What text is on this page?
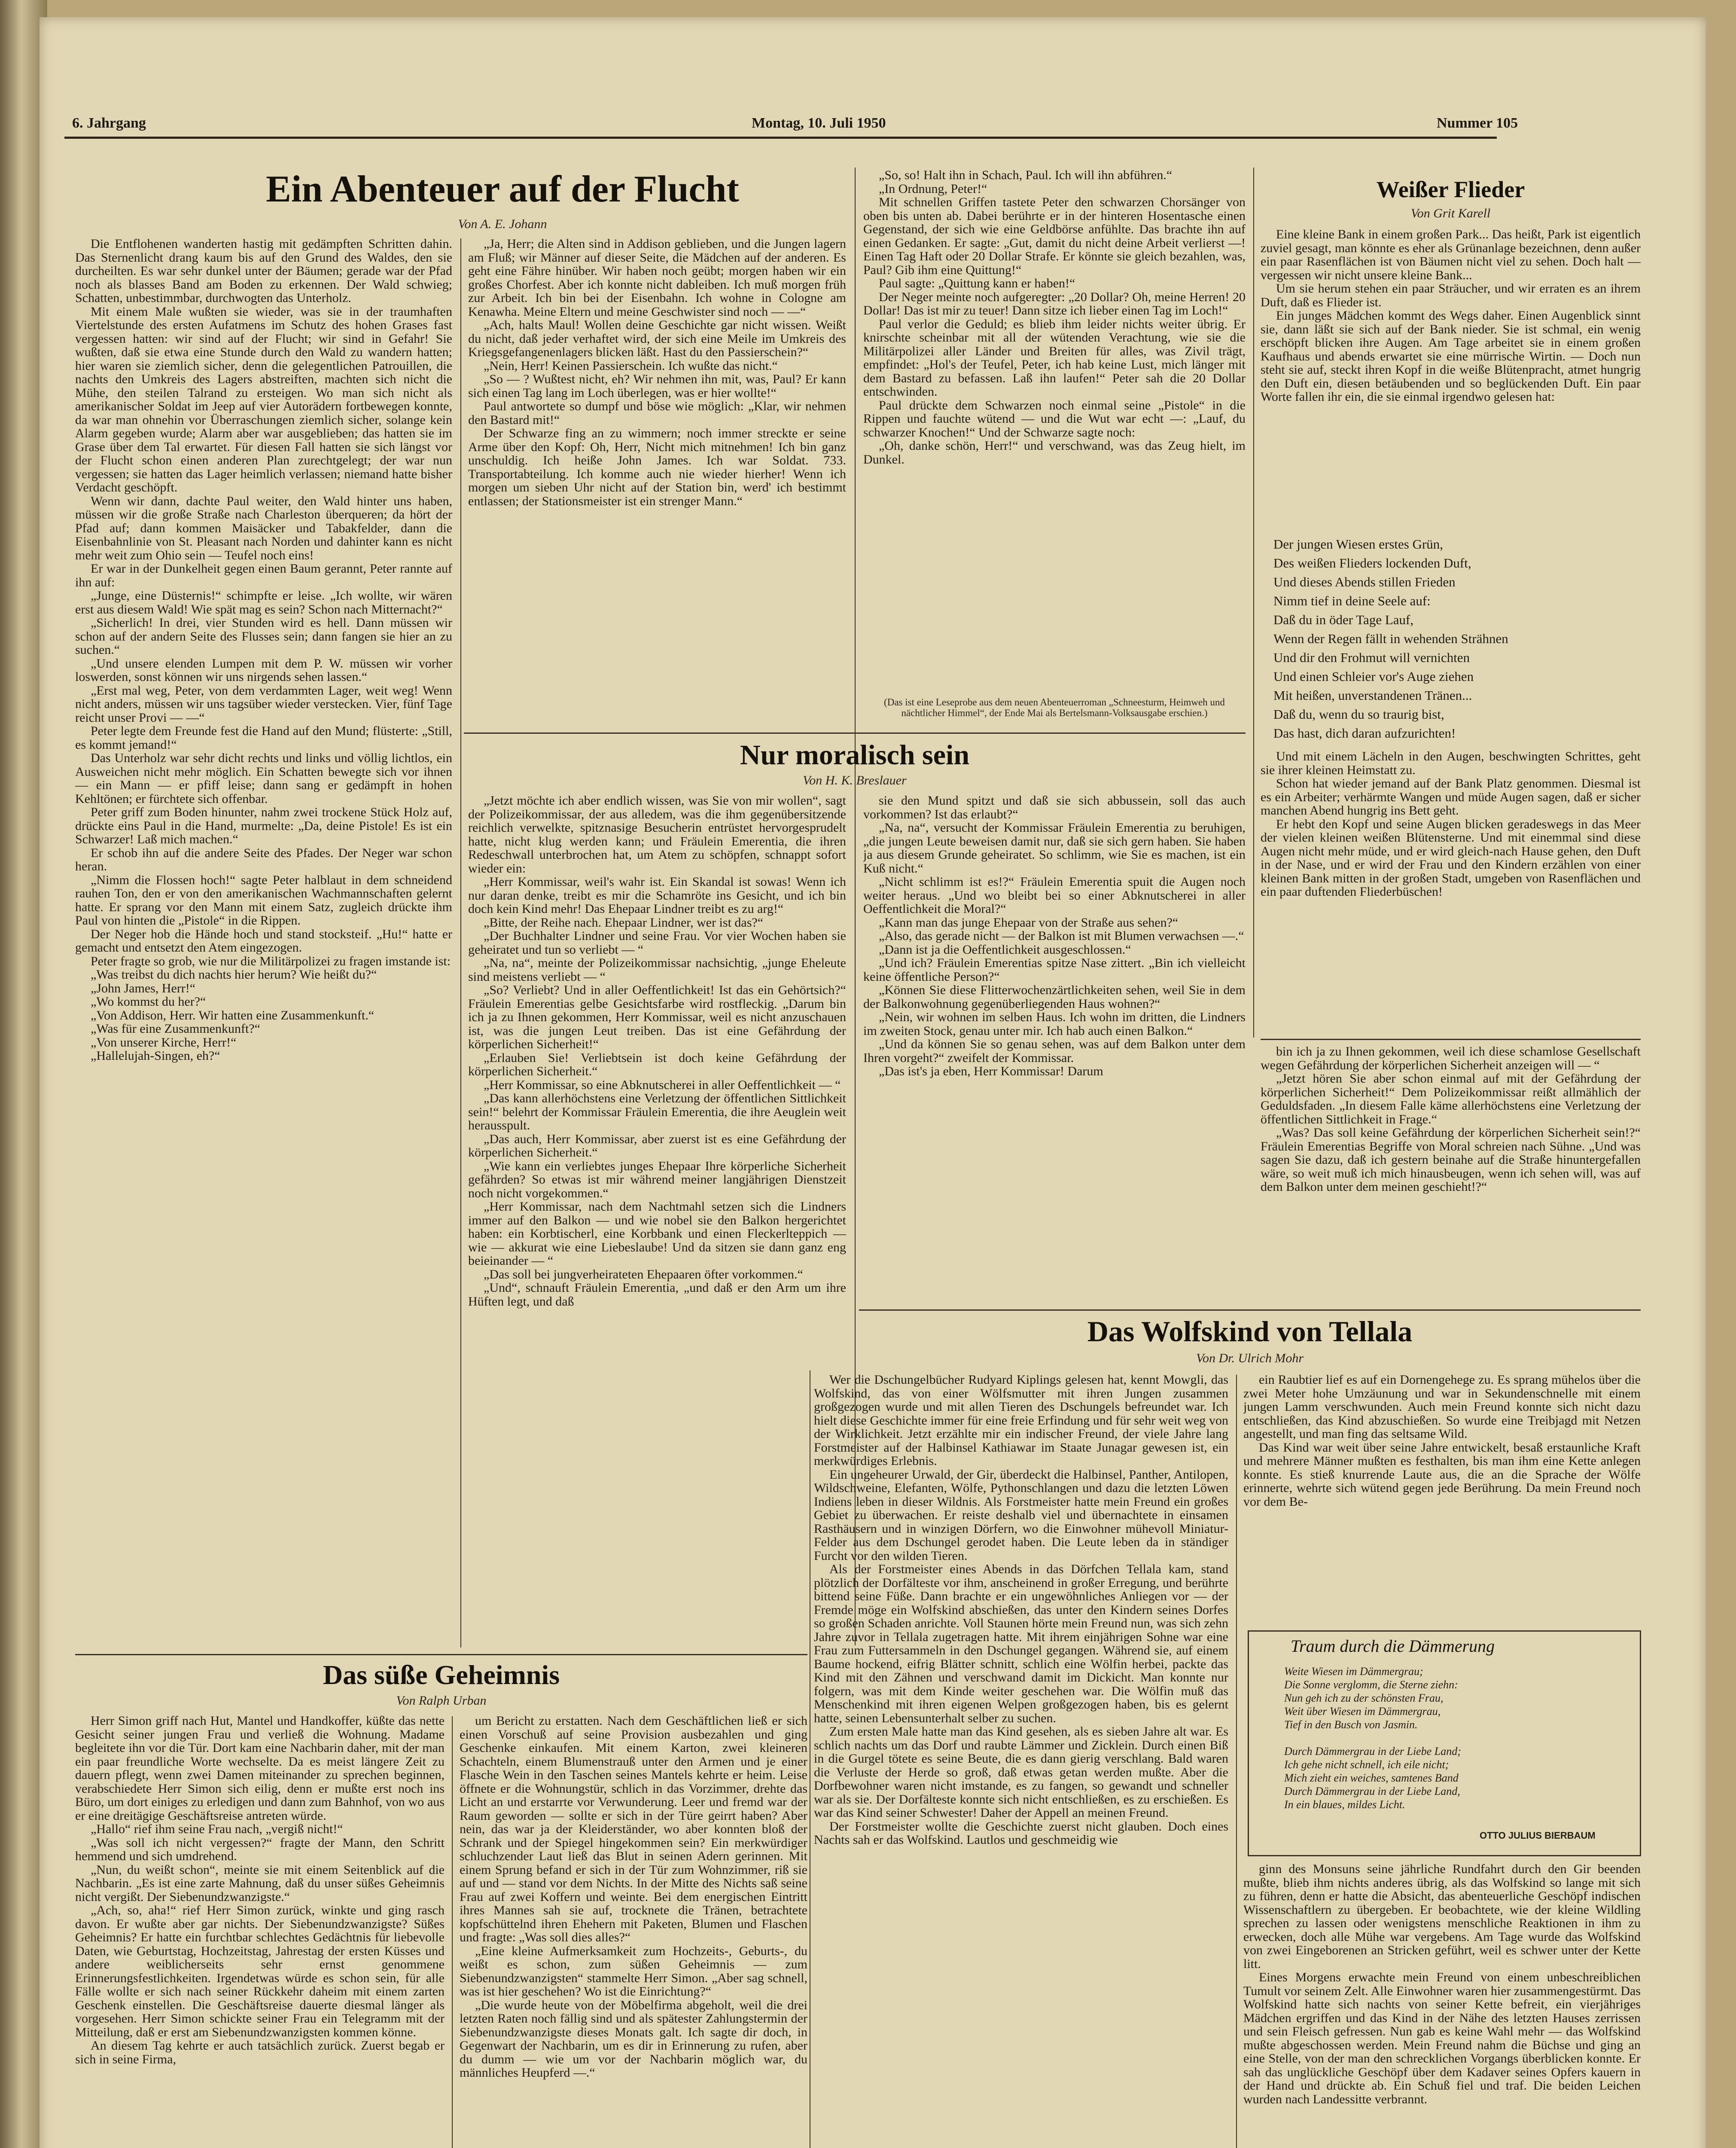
6. Jahrgang	Montag, 10. Juli 1950	Nummer 105
Ein Abenteuer auf der Flucht
Von A. E. Johann

Die Entflohenen wanderten hastig mit gedämpften Schritten dahin. Das Sternenlicht drang kaum bis auf den Grund des Waldes, den sie durcheilten. Es war sehr dunkel unter der Bäumen; gerade war der Pfad noch als blasses Band am Boden zu erkennen. Der Wald schwieg; Schatten, unbestimmbar, durchwogten das Unterholz.

Mit einem Male wußten sie wieder, was sie in der traumhaften Viertelstunde des ersten Aufatmens im Schutz des hohen Grases fast vergessen hatten: wir sind auf der Flucht; wir sind in Gefahr! Sie wußten, daß sie etwa eine Stunde durch den Wald zu wandern hatten; hier waren sie ziemlich sicher, denn die gelegentlichen Patrouillen, die nachts den Umkreis des Lagers abstreiften, machten sich nicht die Mühe, den steilen Talrand zu ersteigen. Wo man sich nicht als amerikanischer Soldat im Jeep auf vier Autorädern fortbewegen konnte, da war man ohnehin vor Überraschungen ziemlich sicher, solange kein Alarm gegeben wurde; Alarm aber war ausgeblieben; das hatten sie im Grase über dem Tal erwartet. Für diesen Fall hatten sie sich längst vor der Flucht schon einen anderen Plan zurechtgelegt; der war nun vergessen; sie hatten das Lager heimlich verlassen; niemand hatte bisher Verdacht geschöpft.

Wenn wir dann, dachte Paul weiter, den Wald hinter uns haben, müssen wir die große Straße nach Charleston überqueren; da hört der Pfad auf; dann kommen Maisäcker und Tabakfelder, dann die Eisenbahnlinie von St. Pleasant nach Norden und dahinter kann es nicht mehr weit zum Ohio sein — Teufel noch eins!

Er war in der Dunkelheit gegen einen Baum gerannt, Peter rannte auf ihn auf:

„Junge, eine Düsternis!“ schimpfte er leise. „Ich wollte, wir wären erst aus diesem Wald! Wie spät mag es sein? Schon nach Mitternacht?“

„Sicherlich! In drei, vier Stunden wird es hell. Dann müssen wir schon auf der andern Seite des Flusses sein; dann fangen sie hier an zu suchen.“

„Und unsere elenden Lumpen mit dem P. W. müssen wir vorher loswerden, sonst können wir uns nirgends sehen lassen.“

„Erst mal weg, Peter, von dem verdammten Lager, weit weg! Wenn nicht anders, müssen wir uns tagsüber wieder verstecken. Vier, fünf Tage reicht unser Provi — —“

Peter legte dem Freunde fest die Hand auf den Mund; flüsterte: „Still, es kommt jemand!“

Das Unterholz war sehr dicht rechts und links und völlig lichtlos, ein Ausweichen nicht mehr möglich. Ein Schatten bewegte sich vor ihnen — ein Mann — er pfiff leise; dann sang er gedämpft in hohen Kehltönen; er fürchtete sich offenbar.

Peter griff zum Boden hinunter, nahm zwei trockene Stück Holz auf, drückte eins Paul in die Hand, murmelte: „Da, deine Pistole! Es ist ein Schwarzer! Laß mich machen.“

Er schob ihn auf die andere Seite des Pfades. Der Neger war schon heran.

„Nimm die Flossen hoch!“ sagte Peter halblaut in dem schneidend rauhen Ton, den er von den amerikanischen Wachmannschaften gelernt hatte. Er sprang vor den Mann mit einem Satz, zugleich drückte ihm Paul von hinten die „Pistole“ in die Rippen.

Der Neger hob die Hände hoch und stand stocksteif. „Hu!“ hatte er gemacht und entsetzt den Atem eingezogen.

Peter fragte so grob, wie nur die Militärpolizei zu fragen imstande ist:

„Was treibst du dich nachts hier herum? Wie heißt du?“

„John James, Herr!“

„Wo kommst du her?“

„Von Addison, Herr. Wir hatten eine Zusammenkunft.“

„Was für eine Zusammenkunft?“

„Von unserer Kirche, Herr!“

„Hallelujah-Singen, eh?“

„Ja, Herr; die Alten sind in Addison geblieben, und die Jungen lagern am Fluß; wir Männer auf dieser Seite, die Mädchen auf der anderen. Es geht eine Fähre hinüber. Wir haben noch geübt; morgen haben wir ein großes Chorfest. Aber ich konnte nicht dableiben. Ich muß morgen früh zur Arbeit. Ich bin bei der Eisenbahn. Ich wohne in Cologne am Kenawha. Meine Eltern und meine Geschwister sind noch — —“

„Ach, halts Maul! Wollen deine Geschichte gar nicht wissen. Weißt du nicht, daß jeder verhaftet wird, der sich eine Meile im Umkreis des Kriegsgefangenenlagers blicken läßt. Hast du den Passierschein?“

„Nein, Herr! Keinen Passierschein. Ich wußte das nicht.“

„So — ? Wußtest nicht, eh? Wir nehmen ihn mit, was, Paul? Er kann sich einen Tag lang im Loch überlegen, was er hier wollte!“

Paul antwortete so dumpf und böse wie möglich: „Klar, wir nehmen den Bastard mit!“

Der Schwarze fing an zu wimmern; noch immer streckte er seine Arme über den Kopf: Oh, Herr, Nicht mich mitnehmen! Ich bin ganz unschuldig. Ich heiße John James. Ich war Soldat. 733. Transportabteilung. Ich komme auch nie wieder hierher! Wenn ich morgen um sieben Uhr nicht auf der Station bin, werd' ich bestimmt entlassen; der Stationsmeister ist ein strenger Mann.“

„So, so! Halt ihn in Schach, Paul. Ich will ihn abführen.“

„In Ordnung, Peter!“

Mit schnellen Griffen tastete Peter den schwarzen Chorsänger von oben bis unten ab. Dabei berührte er in der hinteren Hosentasche einen Gegenstand, der sich wie eine Geldbörse anfühlte. Das brachte ihn auf einen Gedanken. Er sagte: „Gut, damit du nicht deine Arbeit verlierst —! Einen Tag Haft oder 20 Dollar Strafe. Er könnte sie gleich bezahlen, was, Paul? Gib ihm eine Quittung!“

Paul sagte: „Quittung kann er haben!“

Der Neger meinte noch aufgeregter: „20 Dollar? Oh, meine Herren! 20 Dollar! Das ist mir zu teuer! Dann sitze ich lieber einen Tag im Loch!“

Paul verlor die Geduld; es blieb ihm leider nichts weiter übrig. Er knirschte scheinbar mit all der wütenden Verachtung, wie sie die Militärpolizei aller Länder und Breiten für alles, was Zivil trägt, empfindet: „Hol's der Teufel, Peter, ich hab keine Lust, mich länger mit dem Bastard zu befassen. Laß ihn laufen!“ Peter sah die 20 Dollar entschwinden.

Paul drückte dem Schwarzen noch einmal seine „Pistole“ in die Rippen und fauchte wütend — und die Wut war echt —: „Lauf, du schwarzer Knochen!“ Und der Schwarze sagte noch:

„Oh, danke schön, Herr!“ und verschwand, was das Zeug hielt, im Dunkel.

(Das ist eine Leseprobe aus dem neuen Abenteuerroman „Schneesturm, Heimweh und nächtlicher Himmel“, der Ende Mai als Bertelsmann-Volksausgabe erschien.)
Weißer Flieder
Von Grit Karell

Eine kleine Bank in einem großen Park... Das heißt, Park ist eigentlich zuviel gesagt, man könnte es eher als Grünanlage bezeichnen, denn außer ein paar Rasenflächen ist von Bäumen nicht viel zu sehen. Doch halt — vergessen wir nicht unsere kleine Bank...

Um sie herum stehen ein paar Sträucher, und wir erraten es an ihrem Duft, daß es Flieder ist.

Ein junges Mädchen kommt des Wegs daher. Einen Augenblick sinnt sie, dann läßt sie sich auf der Bank nieder. Sie ist schmal, ein wenig erschöpft blicken ihre Augen. Am Tage arbeitet sie in einem großen Kaufhaus und abends erwartet sie eine mürrische Wirtin. — Doch nun steht sie auf, steckt ihren Kopf in die weiße Blütenpracht, atmet hungrig den Duft ein, diesen betäubenden und so beglückenden Duft. Ein paar Worte fallen ihr ein, die sie einmal irgendwo gelesen hat:

Der jungen Wiesen erstes Grün,
Des weißen Flieders lockenden Duft,
Und dieses Abends stillen Frieden
Nimm tief in deine Seele auf:
Daß du in öder Tage Lauf,
Wenn der Regen fällt in wehenden Strähnen
Und dir den Frohmut will vernichten
Und einen Schleier vor's Auge ziehen
Mit heißen, unverstandenen Tränen...
Daß du, wenn du so traurig bist,
Das hast, dich daran aufzurichten!

Und mit einem Lächeln in den Augen, beschwingten Schrittes, geht sie ihrer kleinen Heimstatt zu.

Schon hat wieder jemand auf der Bank Platz genommen. Diesmal ist es ein Arbeiter; verhärmte Wangen und müde Augen sagen, daß er sicher manchen Abend hungrig ins Bett geht.

Er hebt den Kopf und seine Augen blicken geradeswegs in das Meer der vielen kleinen weißen Blütensterne. Und mit einemmal sind diese Augen nicht mehr müde, und er wird gleich-nach Hause gehen, den Duft in der Nase, und er wird der Frau und den Kindern erzählen von einer kleinen Bank mitten in der großen Stadt, umgeben von Rasenflächen und ein paar duftenden Fliederbüschen!

Nur moralisch sein
Von H. K. Breslauer

„Jetzt möchte ich aber endlich wissen, was Sie von mir wollen“, sagt der Polizeikommissar, der aus alledem, was die ihm gegenübersitzende reichlich verwelkte, spitznasige Besucherin entrüstet hervorgesprudelt hatte, nicht klug werden kann; und Fräulein Emerentia, die ihren Redeschwall unterbrochen hat, um Atem zu schöpfen, schnappt sofort wieder ein:

„Herr Kommissar, weil's wahr ist. Ein Skandal ist sowas! Wenn ich nur daran denke, treibt es mir die Schamröte ins Gesicht, und ich bin doch kein Kind mehr! Das Ehepaar Lindner treibt es zu arg!“

„Bitte, der Reihe nach. Ehepaar Lindner, wer ist das?“

„Der Buchhalter Lindner und seine Frau. Vor vier Wochen haben sie geheiratet und tun so verliebt — “

„Na, na“, meinte der Polizeikommissar nachsichtig, „junge Eheleute sind meistens verliebt — “

„So? Verliebt? Und in aller Oeffentlichkeit! Ist das ein Gehörtsich?“ Fräulein Emerentias gelbe Gesichtsfarbe wird rostfleckig. „Darum bin ich ja zu Ihnen gekommen, Herr Kommissar, weil es nicht anzuschauen ist, was die jungen Leut treiben. Das ist eine Gefährdung der körperlichen Sicherheit!“

„Erlauben Sie! Verliebtsein ist doch keine Gefährdung der körperlichen Sicherheit.“

„Herr Kommissar, so eine Abknutscherei in aller Oeffentlichkeit — “

„Das kann allerhöchstens eine Verletzung der öffentlichen Sittlichkeit sein!“ belehrt der Kommissar Fräulein Emerentia, die ihre Aeuglein weit herausspult.

„Das auch, Herr Kommissar, aber zuerst ist es eine Gefährdung der körperlichen Sicherheit.“

„Wie kann ein verliebtes junges Ehepaar Ihre körperliche Sicherheit gefährden? So etwas ist mir während meiner langjährigen Dienstzeit noch nicht vorgekommen.“

„Herr Kommissar, nach dem Nachtmahl setzen sich die Lindners immer auf den Balkon — und wie nobel sie den Balkon hergerichtet haben: ein Korbtischerl, eine Korbbank und einen Fleckerlteppich — wie — akkurat wie eine Liebeslaube! Und da sitzen sie dann ganz eng beieinander — “

„Das soll bei jungverheirateten Ehepaaren öfter vorkommen.“

„Und“, schnauft Fräulein Emerentia, „und daß er den Arm um ihre Hüften legt, und daß

sie den Mund spitzt und daß sie sich abbussein, soll das auch vorkommen? Ist das erlaubt?“

„Na, na“, versucht der Kommissar Fräulein Emerentia zu beruhigen, „die jungen Leute beweisen damit nur, daß sie sich gern haben. Sie haben ja aus diesem Grunde geheiratet. So schlimm, wie Sie es machen, ist ein Kuß nicht.“

„Nicht schlimm ist es!?“ Fräulein Emerentia spuit die Augen noch weiter heraus. „Und wo bleibt bei so einer Abknutscherei in aller Oeffentlichkeit die Moral?“

„Kann man das junge Ehepaar von der Straße aus sehen?“

„Also, das gerade nicht — der Balkon ist mit Blumen verwachsen —.“

„Dann ist ja die Oeffentlichkeit ausgeschlossen.“

„Und ich? Fräulein Emerentias spitze Nase zittert. „Bin ich vielleicht keine öffentliche Person?“

„Können Sie diese Flitterwochenzärtlichkeiten sehen, weil Sie in dem der Balkonwohnung gegenüberliegenden Haus wohnen?“

„Nein, wir wohnen im selben Haus. Ich wohn im dritten, die Lindners im zweiten Stock, genau unter mir. Ich hab auch einen Balkon.“

„Und da können Sie so genau sehen, was auf dem Balkon unter dem Ihren vorgeht?“ zweifelt der Kommissar.

„Das ist's ja eben, Herr Kommissar! Darum

bin ich ja zu Ihnen gekommen, weil ich diese schamlose Gesellschaft wegen Gefährdung der körperlichen Sicherheit anzeigen will — “

„Jetzt hören Sie aber schon einmal auf mit der Gefährdung der körperlichen Sicherheit!“ Dem Polizeikommissar reißt allmählich der Geduldsfaden. „In diesem Falle käme allerhöchstens eine Verletzung der öffentlichen Sittlichkeit in Frage.“

„Was? Das soll keine Gefährdung der körperlichen Sicherheit sein!?“ Fräulein Emerentias Begriffe von Moral schreien nach Sühne. „Und was sagen Sie dazu, daß ich gestern beinahe auf die Straße hinuntergefallen wäre, so weit muß ich mich hinausbeugen, wenn ich sehen will, was auf dem Balkon unter dem meinen geschieht!?“

Das Wolfskind von Tellala
Von Dr. Ulrich Mohr

Wer die Dschungelbücher Rudyard Kiplings gelesen hat, kennt Mowgli, das Wolfskind, das von einer Wölfsmutter mit ihren Jungen zusammen großgezogen wurde und mit allen Tieren des Dschungels befreundet war. Ich hielt diese Geschichte immer für eine freie Erfindung und für sehr weit weg von der Wirklichkeit. Jetzt erzählte mir ein indischer Freund, der viele Jahre lang Forstmeister auf der Halbinsel Kathiawar im Staate Junagar gewesen ist, ein merkwürdiges Erlebnis.

Ein ungeheurer Urwald, der Gir, überdeckt die Halbinsel, Panther, Antilopen, Wildschweine, Elefanten, Wölfe, Pythonschlangen und dazu die letzten Löwen Indiens leben in dieser Wildnis. Als Forstmeister hatte mein Freund ein großes Gebiet zu überwachen. Er reiste deshalb viel und übernachtete in einsamen Rasthäusern und in winzigen Dörfern, wo die Einwohner mühevoll Miniatur-Felder aus dem Dschungel gerodet haben. Die Leute leben da in ständiger Furcht vor den wilden Tieren.

Als der Forstmeister eines Abends in das Dörfchen Tellala kam, stand plötzlich der Dorfälteste vor ihm, anscheinend in großer Erregung, und berührte bittend seine Füße. Dann brachte er ein ungewöhnliches Anliegen vor — der Fremde möge ein Wolfskind abschießen, das unter den Kindern seines Dorfes so großen Schaden anrichte. Voll Staunen hörte mein Freund nun, was sich zehn Jahre zuvor in Tellala zugetragen hatte. Mit ihrem einjährigen Sohne war eine Frau zum Futtersammeln in den Dschungel gegangen. Während sie, auf einem Baume hockend, eifrig Blätter schnitt, schlich eine Wölfin herbei, packte das Kind mit den Zähnen und verschwand damit im Dickicht. Man konnte nur folgern, was mit dem Kinde weiter geschehen war. Die Wölfin muß das Menschenkind mit ihren eigenen Welpen großgezogen haben, bis es gelernt hatte, seinen Lebensunterhalt selber zu suchen.

Zum ersten Male hatte man das Kind gesehen, als es sieben Jahre alt war. Es schlich nachts um das Dorf und raubte Lämmer und Zicklein. Durch einen Biß in die Gurgel tötete es seine Beute, die es dann gierig verschlang. Bald waren die Verluste der Herde so groß, daß etwas getan werden mußte. Aber die Dorfbewohner waren nicht imstande, es zu fangen, so gewandt und schneller war als sie. Der Dorfälteste konnte sich nicht entschließen, es zu erschießen. Es war das Kind seiner Schwester! Daher der Appell an meinen Freund.

Der Forstmeister wollte die Geschichte zuerst nicht glauben. Doch eines Nachts sah er das Wolfskind. Lautlos und geschmeidig wie

ein Raubtier lief es auf ein Dornengehege zu. Es sprang mühelos über die zwei Meter hohe Umzäunung und war in Sekundenschnelle mit einem jungen Lamm verschwunden. Auch mein Freund konnte sich nicht dazu entschließen, das Kind abzuschießen. So wurde eine Treibjagd mit Netzen angestellt, und man fing das seltsame Wild.

Das Kind war weit über seine Jahre entwickelt, besaß erstaunliche Kraft und mehrere Männer mußten es festhalten, bis man ihm eine Kette anlegen konnte. Es stieß knurrende Laute aus, die an die Sprache der Wölfe erinnerte, wehrte sich wütend gegen jede Berührung. Da mein Freund noch vor dem Be-

Traum durch die Dämmerung
Weite Wiesen im Dämmergrau;
Die Sonne verglomm, die Sterne ziehn:
Nun geh ich zu der schönsten Frau,
Weit über Wiesen im Dämmergrau,
Tief in den Busch von Jasmin.

Durch Dämmergrau in der Liebe Land;
Ich gehe nicht schnell, ich eile nicht;
Mich zieht ein weiches, samtenes Band
Durch Dämmergrau in der Liebe Land,
In ein blaues, mildes Licht.
OTTO JULIUS BIERBAUM

ginn des Monsuns seine jährliche Rundfahrt durch den Gir beenden mußte, blieb ihm nichts anderes übrig, als das Wolfskind so lange mit sich zu führen, denn er hatte die Absicht, das abenteuerliche Geschöpf indischen Wissenschaftlern zu übergeben. Er beobachtete, wie der kleine Wildling sprechen zu lassen oder wenigstens menschliche Reaktionen in ihm zu erwecken, doch alle Mühe war vergebens. Am Tage wurde das Wolfskind von zwei Eingeborenen an Stricken geführt, weil es schwer unter der Kette litt.

Eines Morgens erwachte mein Freund von einem unbeschreiblichen Tumult vor seinem Zelt. Alle Einwohner waren hier zusammengestürmt. Das Wolfskind hatte sich nachts von seiner Kette befreit, ein vierjähriges Mädchen ergriffen und das Kind in der Nähe des letzten Hauses zerrissen und sein Fleisch gefressen. Nun gab es keine Wahl mehr — das Wolfskind mußte abgeschossen werden. Mein Freund nahm die Büchse und ging an eine Stelle, von der man den schrecklichen Vorgangs überblicken konnte. Er sah das unglückliche Geschöpf über dem Kadaver seines Opfers kauern in der Hand und drückte ab. Ein Schuß fiel und traf. Die beiden Leichen wurden nach Landessitte verbrannt.

Das süße Geheimnis
Von Ralph Urban

Herr Simon griff nach Hut, Mantel und Handkoffer, küßte das nette Gesicht seiner jungen Frau und verließ die Wohnung. Madame begleitete ihn vor die Tür. Dort kam eine Nachbarin daher, mit der man ein paar freundliche Worte wechselte. Da es meist längere Zeit zu dauern pflegt, wenn zwei Damen miteinander zu sprechen beginnen, verabschiedete Herr Simon sich eilig, denn er mußte erst noch ins Büro, um dort einiges zu erledigen und dann zum Bahnhof, von wo aus er eine dreitägige Geschäftsreise antreten würde.

„Hallo“ rief ihm seine Frau nach, „vergiß nicht!“

„Was soll ich nicht vergessen?“ fragte der Mann, den Schritt hemmend und sich umdrehend.

„Nun, du weißt schon“, meinte sie mit einem Seitenblick auf die Nachbarin. „Es ist eine zarte Mahnung, daß du unser süßes Geheimnis nicht vergißt. Der Siebenundzwanzigste.“

„Ach, so, aha!“ rief Herr Simon zurück, winkte und ging rasch davon. Er wußte aber gar nichts. Der Siebenundzwanzigste? Süßes Geheimnis? Er hatte ein furchtbar schlechtes Gedächtnis für liebevolle Daten, wie Geburtstag, Hochzeitstag, Jahrestag der ersten Küsses und andere weiblicherseits sehr ernst genommene Erinnerungsfestlichkeiten. Irgendetwas würde es schon sein, für alle Fälle wollte er sich nach seiner Rückkehr daheim mit einem zarten Geschenk einstellen. Die Geschäftsreise dauerte diesmal länger als vorgesehen. Herr Simon schickte seiner Frau ein Telegramm mit der Mitteilung, daß er erst am Siebenundzwanzigsten kommen könne.

An diesem Tag kehrte er auch tatsächlich zurück. Zuerst begab er sich in seine Firma,

um Bericht zu erstatten. Nach dem Geschäftlichen ließ er sich einen Vorschuß auf seine Provision ausbezahlen und ging Geschenke einkaufen. Mit einem Karton, zwei kleineren Schachteln, einem Blumenstrauß unter den Armen und je einer Flasche Wein in den Taschen seines Mantels kehrte er heim. Leise öffnete er die Wohnungstür, schlich in das Vorzimmer, drehte das Licht an und erstarrte vor Verwunderung. Leer und fremd war der Raum geworden — sollte er sich in der Türe geirrt haben? Aber nein, das war ja der Kleiderständer, wo aber konnten bloß der Schrank und der Spiegel hingekommen sein? Ein merkwürdiger schluchzender Laut ließ das Blut in seinen Adern gerinnen. Mit einem Sprung befand er sich in der Tür zum Wohnzimmer, riß sie auf und — stand vor dem Nichts. In der Mitte des Nichts saß seine Frau auf zwei Koffern und weinte. Bei dem energischen Eintritt ihres Mannes sah sie auf, trocknete die Tränen, betrachtete kopfschüttelnd ihren Ehehern mit Paketen, Blumen und Flaschen und fragte: „Was soll dies alles?“

„Eine kleine Aufmerksamkeit zum Hochzeits-, Geburts-, du weißt es schon, zum süßen Geheimnis — zum Siebenundzwanzigsten“ stammelte Herr Simon. „Aber sag schnell, was ist hier geschehen? Wo ist die Einrichtung?“

„Die wurde heute von der Möbelfirma abgeholt, weil die drei letzten Raten noch fällig sind und als spätester Zahlungstermin der Siebenundzwanzigste dieses Monats galt. Ich sagte dir doch, in Gegenwart der Nachbarin, um es dir in Erinnerung zu rufen, aber du dumm — wie um vor der Nachbarin möglich war, du männliches Heupferd —.“
